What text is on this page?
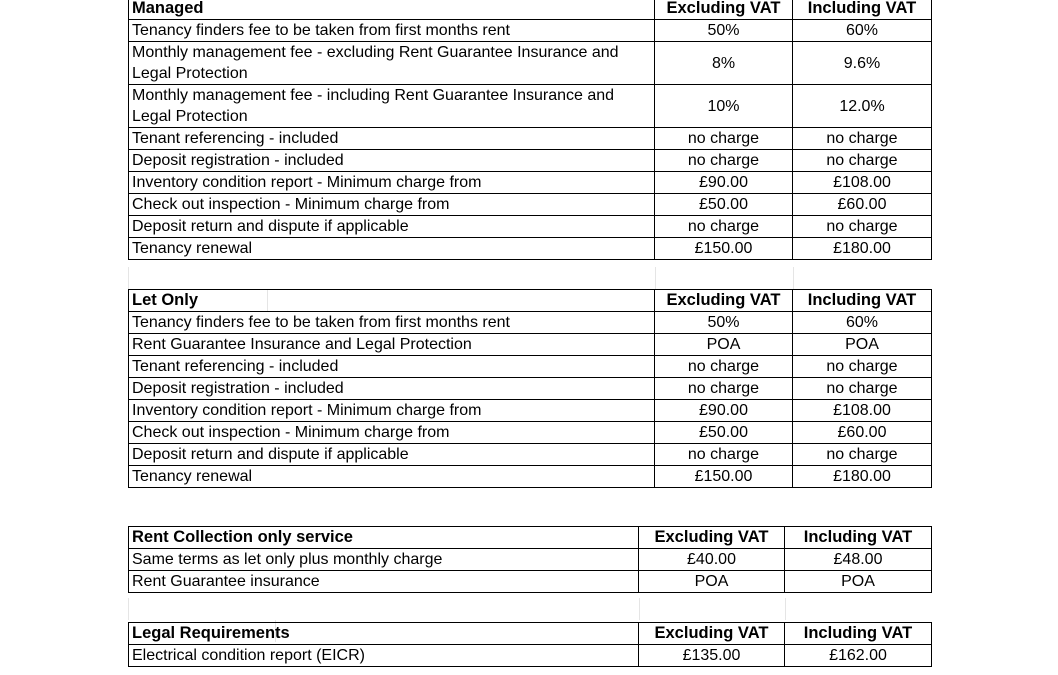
Managed	Excluding VAT	Including VAT
Tenancy finders fee to be taken from first months rent	50%	60%
Monthly management fee - excluding Rent Guarantee Insurance and Legal Protection	8%	9.6%
Monthly management fee - including Rent Guarantee Insurance and Legal Protection	10%	12.0%
Tenant referencing - included	no charge	no charge
Deposit registration - included	no charge	no charge
Inventory condition report - Minimum charge from	£90.00	£108.00
Check out inspection - Minimum charge from	£50.00	£60.00
Deposit return and dispute if applicable	no charge	no charge
Tenancy renewal	£150.00	£180.00
Let Only	Excluding VAT	Including VAT
Tenancy finders fee to be taken from first months rent	50%	60%
Rent Guarantee Insurance and Legal Protection	POA	POA
Tenant referencing - included	no charge	no charge
Deposit registration - included	no charge	no charge
Inventory condition report - Minimum charge from	£90.00	£108.00
Check out inspection - Minimum charge from	£50.00	£60.00
Deposit return and dispute if applicable	no charge	no charge
Tenancy renewal	£150.00	£180.00
Rent Collection only service	Excluding VAT	Including VAT
Same terms as let only plus monthly charge	£40.00	£48.00
Rent Guarantee insurance	POA	POA
Legal Requirements	Excluding VAT	Including VAT
Electrical condition report (EICR)	£135.00	£162.00
